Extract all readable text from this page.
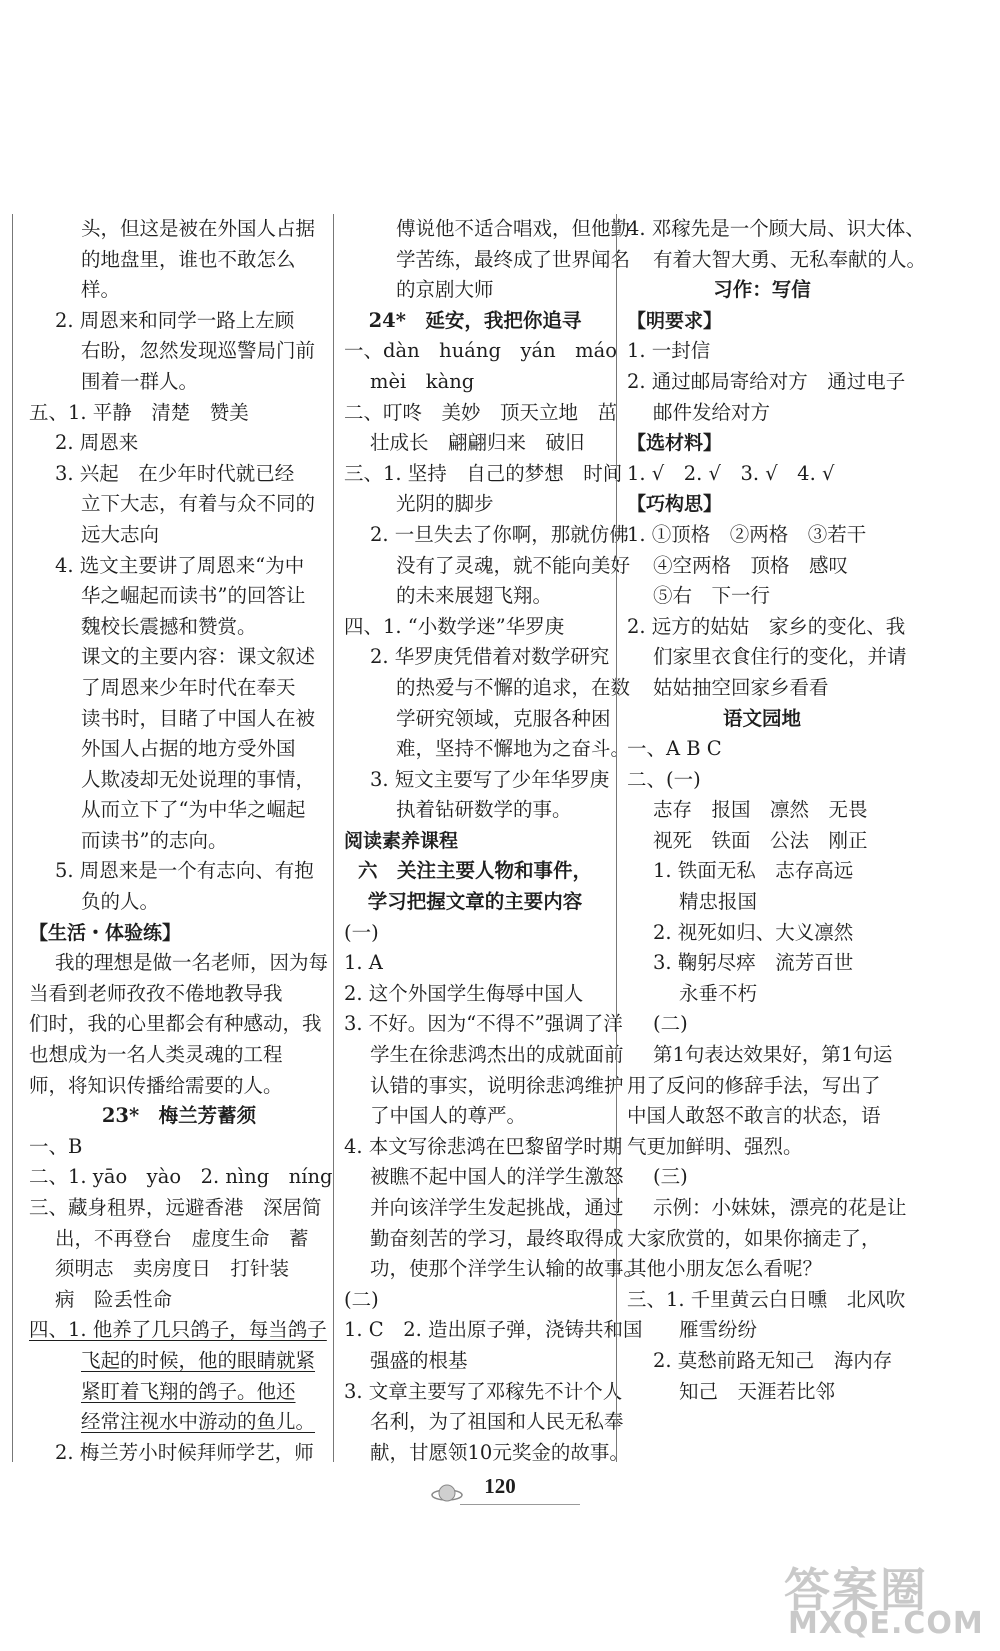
头，但这是被在外国人占据
的地盘里，谁也不敢怎么
样。
2. 周恩来和同学一路上左顾
右盼，忽然发现巡警局门前
围着一群人。
五、1. 平静　清楚　赞美
2. 周恩来
3. 兴起　在少年时代就已经
立下大志，有着与众不同的
远大志向
4. 选文主要讲了周恩来“为中
华之崛起而读书”的回答让
魏校长震撼和赞赏。
课文的主要内容：课文叙述
了周恩来少年时代在奉天
读书时，目睹了中国人在被
外国人占据的地方受外国
人欺凌却无处说理的事情，
从而立下了“为中华之崛起
而读书”的志向。
5. 周恩来是一个有志向、有抱
负的人。
【生活・体验练】
我的理想是做一名老师，因为每
当看到老师孜孜不倦地教导我
们时，我的心里都会有种感动，我
也想成为一名人类灵魂的工程
师，将知识传播给需要的人。
23*　梅兰芳蓄须
一、B
二、1. yāo　yào　2. nìng　níng
三、藏身租界，远避香港　深居简
出，不再登台　虚度生命　蓄
须明志　卖房度日　打针装
病　险丢性命
四、1. 他养了几只鸽子，每当鸽子
飞起的时候，他的眼睛就紧
紧盯着飞翔的鸽子。他还
经常注视水中游动的鱼儿。
2. 梅兰芳小时候拜师学艺，师
傅说他不适合唱戏，但他勤
学苦练，最终成了世界闻名
的京剧大师
24*　延安，我把你追寻
一、dàn　huáng　yán　máo
mèi　kàng
二、叮咚　美妙　顶天立地　茁
壮成长　翩翩归来　破旧
三、1. 坚持　自己的梦想　时间
光阴的脚步
2. 一旦失去了你啊，那就仿佛
没有了灵魂，就不能向美好
的未来展翅飞翔。
四、1. “小数学迷”华罗庚
2. 华罗庚凭借着对数学研究
的热爱与不懈的追求，在数
学研究领域，克服各种困
难，坚持不懈地为之奋斗。
3. 短文主要写了少年华罗庚
执着钻研数学的事。
阅读素养课程
六　关注主要人物和事件，
学习把握文章的主要内容
(一)
1. A
2. 这个外国学生侮辱中国人
3. 不好。因为“不得不”强调了洋
学生在徐悲鸿杰出的成就面前
认错的事实，说明徐悲鸿维护
了中国人的尊严。
4. 本文写徐悲鸿在巴黎留学时期
被瞧不起中国人的洋学生激怒
并向该洋学生发起挑战，通过
勤奋刻苦的学习，最终取得成
功，使那个洋学生认输的故事。
(二)
1. C　2. 造出原子弹，浇铸共和国
强盛的根基
3. 文章主要写了邓稼先不计个人
名利，为了祖国和人民无私奉
献，甘愿领10元奖金的故事。
4. 邓稼先是一个顾大局、识大体、
有着大智大勇、无私奉献的人。
习作：写信
【明要求】
1. 一封信
2. 通过邮局寄给对方　通过电子
邮件发给对方
【选材料】
1. √　2. √　3. √　4. √
【巧构思】
1. ①顶格　②两格　③若干
④空两格　顶格　感叹
⑤右　下一行
2. 远方的姑姑　家乡的变化、我
们家里衣食住行的变化，并请
姑姑抽空回家乡看看
语文园地
一、A B C
二、(一)
志存　报国　凛然　无畏
视死　铁面　公法　刚正
1. 铁面无私　志存高远
精忠报国
2. 视死如归、大义凛然
3. 鞠躬尽瘁　流芳百世
永垂不朽
(二)
第1句表达效果好，第1句运
用了反问的修辞手法，写出了
中国人敢怒不敢言的状态，语
气更加鲜明、强烈。
(三)
示例：小妹妹，漂亮的花是让
大家欣赏的，如果你摘走了，
其他小朋友怎么看呢？
三、1. 千里黄云白日曛　北风吹
雁雪纷纷
2. 莫愁前路无知己　海内存
知己　天涯若比邻
120
答案圈
MXQE.COM
